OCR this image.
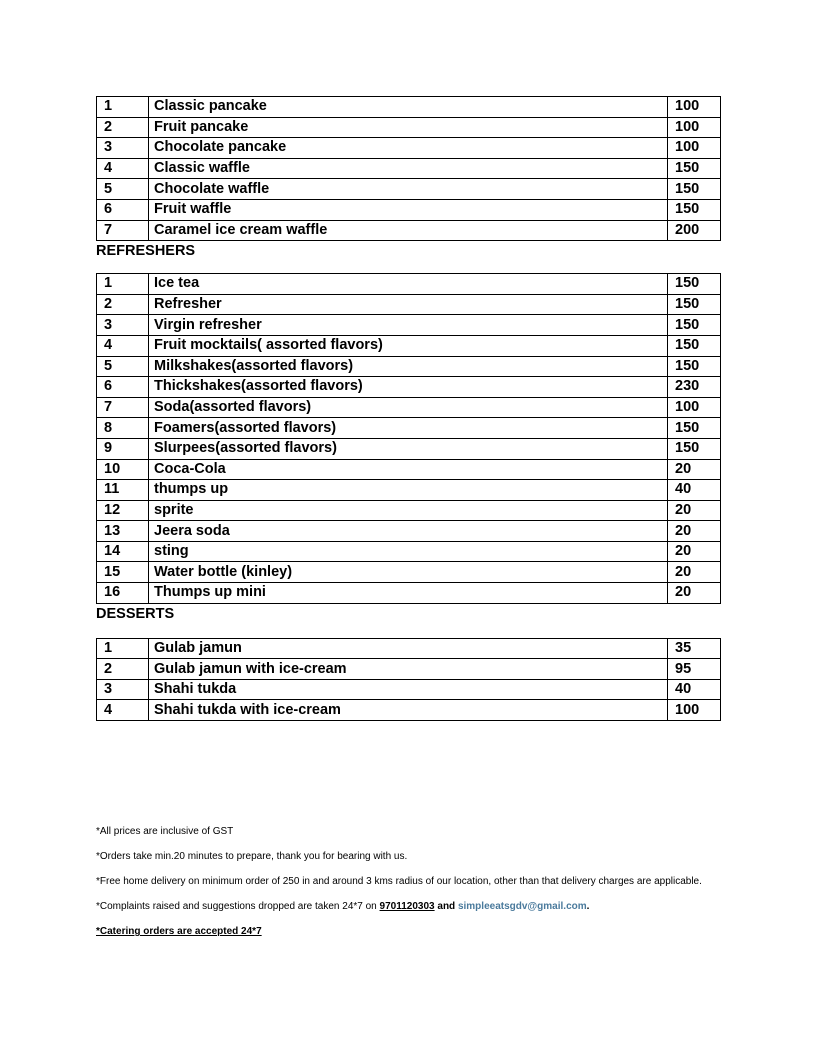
1	Classic pancake	100
2	Fruit pancake	100
3	Chocolate pancake	100
4	Classic waffle	150
5	Chocolate waffle	150
6	Fruit waffle	150
7	Caramel ice cream waffle	200
REFRESHERS
1	Ice tea	150
2	Refresher	150
3	Virgin refresher	150
4	Fruit mocktails( assorted flavors)	150
5	Milkshakes(assorted flavors)	150
6	Thickshakes(assorted flavors)	230
7	Soda(assorted flavors)	100
8	Foamers(assorted flavors)	150
9	Slurpees(assorted flavors)	150
10	Coca-Cola	20
11	thumps up	40
12	sprite	20
13	Jeera soda	20
14	sting	20
15	Water bottle (kinley)	20
16	Thumps up mini	20
DESSERTS
1	Gulab jamun	35
2	Gulab jamun with ice-cream	95
3	Shahi tukda	40
4	Shahi tukda with ice-cream	100

*All prices are inclusive of GST

*Orders take min.20 minutes to prepare, thank you for bearing with us.

*Free home delivery on minimum order of 250 in and around 3 kms radius of our location, other than that delivery charges are applicable.

*Complaints raised and suggestions dropped are taken 24*7 on 9701120303 and simpleeatsgdv@gmail.com.

*Catering orders are accepted 24*7
